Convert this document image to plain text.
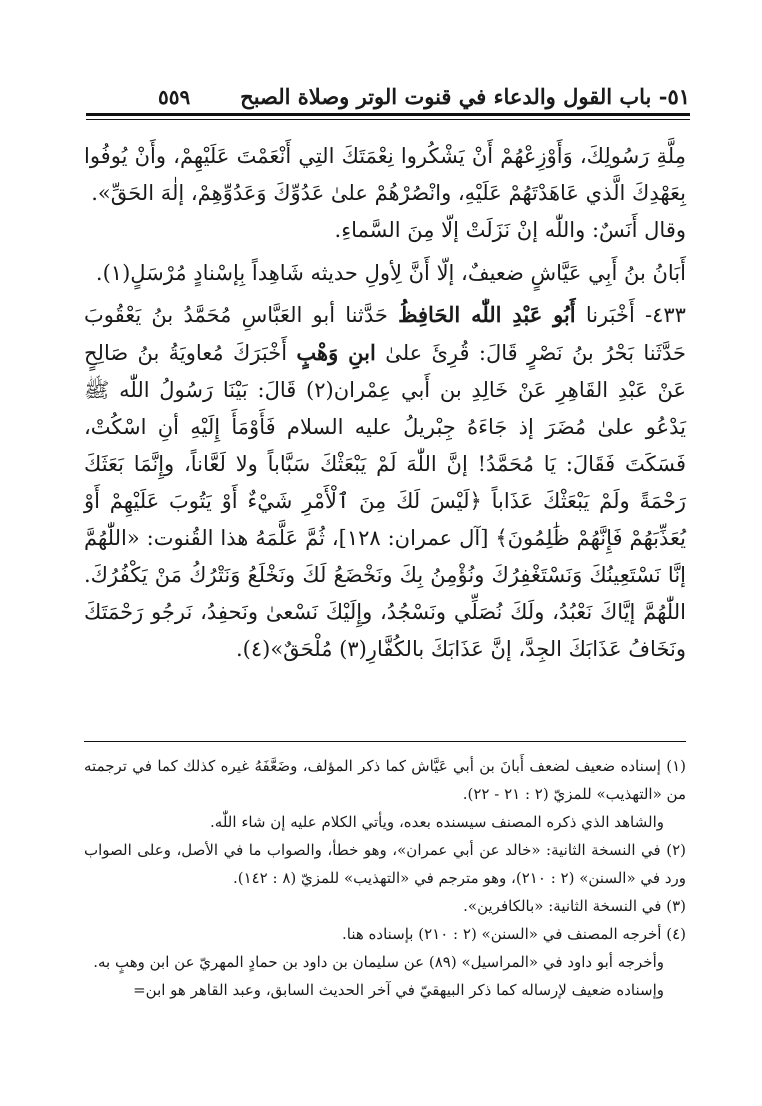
٥١- باب القول والدعاء في قنوت الوتر وصلاة الصبح
٥٥٩

مِلَّةِ رَسُولِكَ، وَأَوْزِعْهُمْ أَنْ يَشْكُروا نِعْمَتَكَ التِي أَنْعَمْتَ عَلَيْهِمْ، وأَنْ يُوفُوا بِعَهْدِكَ الَّذي عَاهَدْتَهُمْ عَلَيْهِ، وانْصُرْهُمْ علىٰ عَدُوِّكَ وَعَدُوِّهِمْ، إلٰهَ الحَقِّ».

وقال أَنَسٌ: واللّٰه إنْ نَزَلَتْ إلّا مِنَ السَّماءِ.

أَبَانُ بنُ أَبِي عَيَّاشٍ ضعيفٌ، إلّا أَنَّ لِأولِ حديثه شَاهِداً بِإسْنادٍ مُرْسَلٍ(١).

٤٣٣- أَخْبَرنا أَبُو عَبْدِ اللّٰه الحَافِظُ حَدَّثنا أبو العَبَّاسِ مُحَمَّدُ بنُ يَعْقُوبَ حَدَّثَنا بَحْرُ بنُ نَصْرٍ قَالَ: قُرِئَ علىٰ ابنِ وَهْبٍ أَخْبَرَكَ مُعاويَةُ بنُ صَالِحٍ عَنْ عَبْدِ القَاهِرِ عَنْ خَالِدِ بن أَبي عِمْران(٢) قَالَ: بَيْنَا رَسُولُ اللّٰه ﷺ يَدْعُو علىٰ مُضَرَ إذ جَاءَهُ جِبْريلُ عليه السلام فَأَوْمَأَ إِلَيْهِ أنِ اسْكُتْ، فَسَكَتَ فَقَالَ: يَا مُحَمَّدُ! إنَّ اللّٰهَ لَمْ يَبْعَثْكَ سَبَّاباً ولا لَعَّاناً، وإِنَّمَا بَعَثَكَ رَحْمَةً ولَمْ يَبْعَثْكَ عَذَاباً ﴿لَيْسَ لَكَ مِنَ ٱلْأَمْرِ شَيْءٌ أَوْ يَتُوبَ عَلَيْهِمْ أَوْ يُعَذِّبَهُمْ فَإِنَّهُمْ ظَٰلِمُونَ﴾ [آل عمران: ١٢٨]، ثُمَّ عَلَّمَهُ هذا القُنوت: «اللّٰهُمَّ إنَّا نَسْتَعِينُكَ وَنَسْتَغْفِرُكَ ونُؤْمِنُ بِكَ ونَخْضَعُ لَكَ ونَخْلَعُ وَنَتْرُكُ مَنْ يَكْفُرُكَ. اللّٰهُمَّ إيَّاكَ نَعْبُدُ، ولَكَ نُصَلِّي ونَسْجُدُ، وإِلَيْكَ نَسْعىٰ ونَحفِدُ، نَرجُو رَحْمَتَكَ ونَخَافُ عَذَابَكَ الجِدَّ، إنَّ عَذَابَكَ بالكُفَّارِ(٣) مُلْحَقٌ»(٤).

(١) إسناده ضعيف لضعف أَبانَ بن أبي عَيَّاش كما ذكر المؤلف، وضَعَّفَهُ غيره كذلك كما في ترجمته من «التهذيب» للمزيّ (٢ : ٢١ - ٢٢).

والشاهد الذي ذكره المصنف سيسنده بعده، ويأتي الكلام عليه إن شاء اللّٰه.

(٢) في النسخة الثانية: «خالد عن أبي عمران»، وهو خطأ، والصواب ما في الأصل، وعلى الصواب ورد في «السنن» (٢ : ٢١٠)، وهو مترجم في «التهذيب» للمزيّ (٨ : ١٤٢).

(٣) في النسخة الثانية: «بالكافرين».

(٤) أخرجه المصنف في «السنن» (٢ : ٢١٠) بإسناده هنا.

وأخرجه أبو داود في «المراسيل» (٨٩) عن سليمان بن داود بن حمادٍ المهريّ عن ابن وهبٍ به.

وإسناده ضعيف لإرساله كما ذكر البيهقيّ في آخر الحديث السابق، وعبد القاهر هو ابن=
